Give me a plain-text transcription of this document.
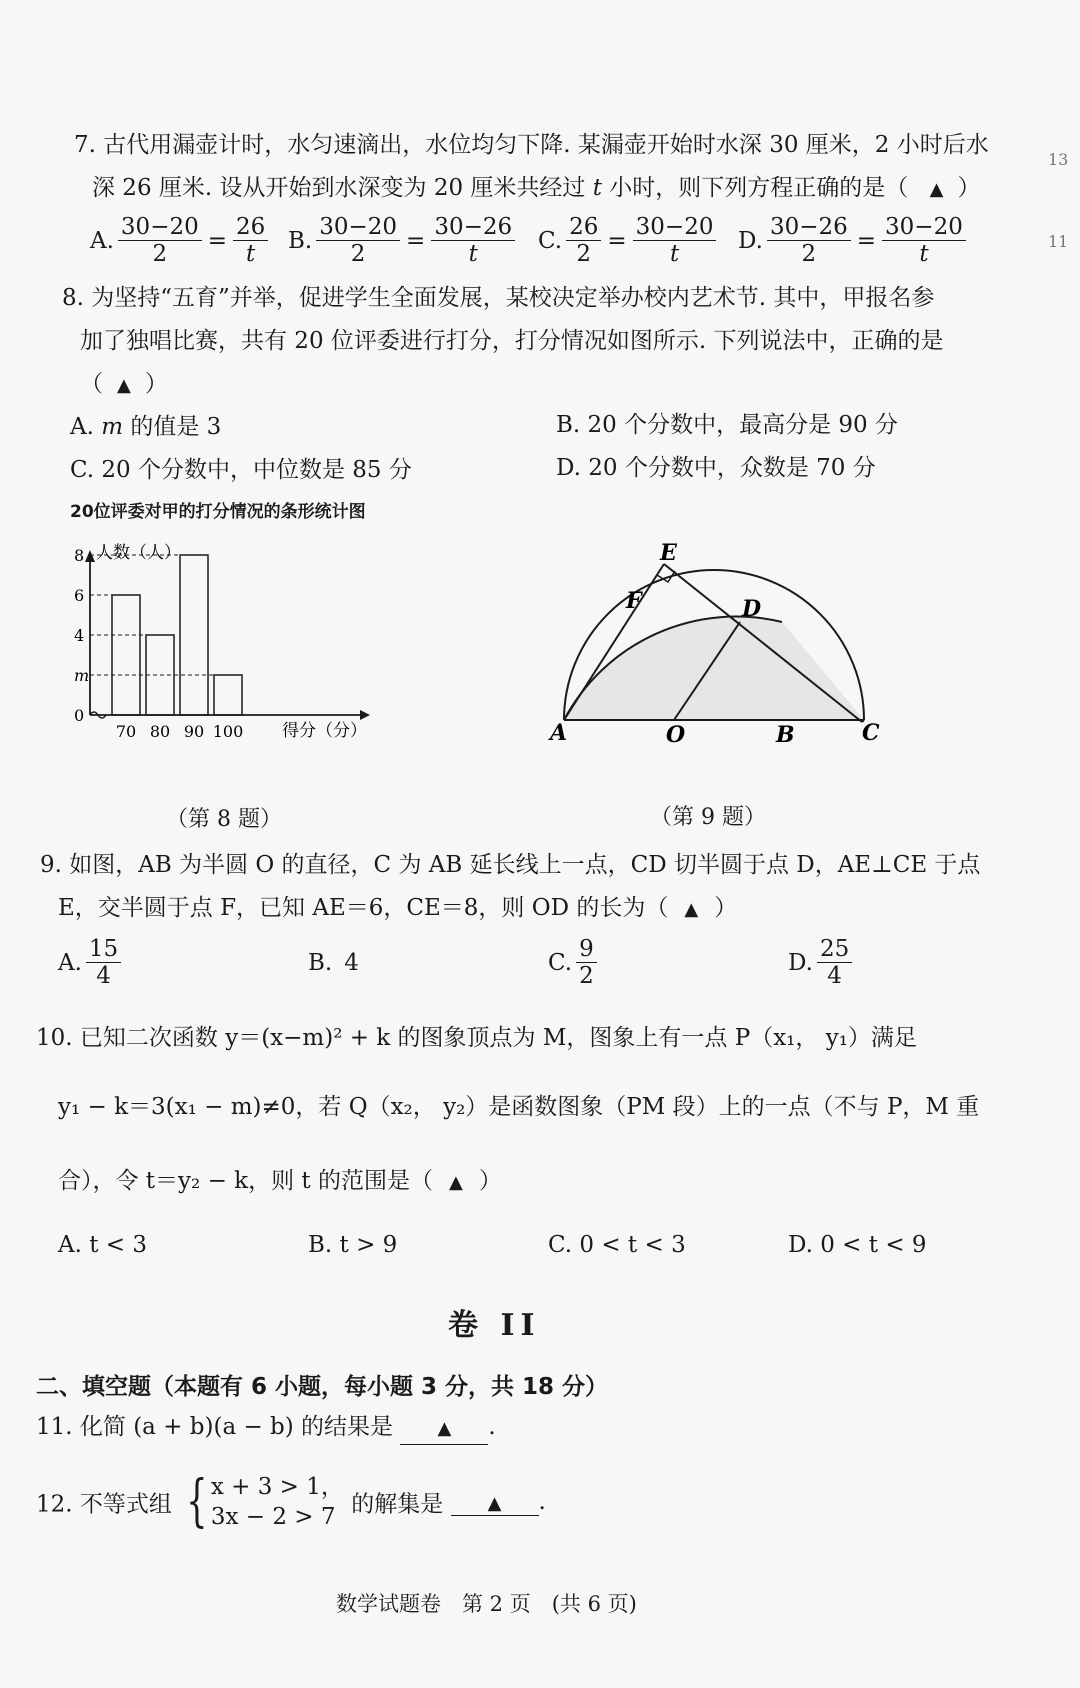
13
11
7. 古代用漏壶计时，水匀速滴出，水位均匀下降. 某漏壶开始时水深 30 厘米，2 小时后水
深 26 厘米. 设从开始到水深变为 20 厘米共经过 t 小时，则下列方程正确的是（ ▲ ）
A. $\frac{30-20}{2} = \frac{26}{t} B$. $\frac{30-20}{2} = \frac{30-26}{t} C$. $\frac{26}{2} = \frac{30-20}{t} D$. $\frac{30-26}{2} = \frac{30-20}{t}$
8. 为坚持“五育”并举，促进学生全面发展，某校决定举办校内艺术节. 其中，甲报名参
加了独唱比赛，共有 20 位评委进行打分，打分情况如图所示. 下列说法中，正确的是
（ ▲ ）
A. m 的值是 3	B. 20 个分数中，最高分是 90 分
C. 20 个分数中，中位数是 85 分	D. 20 个分数中，众数是 70 分
20位评委对甲的打分情况的条形统计图
人数（人）
得分（分）
0
m
4
6
8
70 80 90 100
（第 8 题）
A	O	B	C
D
E
F
（第 9 题）
9. 如图，AB 为半圆 O 的直径，C 为 AB 延长线上一点，CD 切半圆于点 D，AE⊥CE 于点
E，交半圆于点 F，已知 AE＝6，CE＝8，则 OD 的长为（ ▲ ）
A. $\frac{15}{4}$	B. 4	C. $\frac{9}{2}$	D. $\frac{25}{4}$
10. 已知二次函数 y＝(x−m)² + k 的图象顶点为 M，图象上有一点 P（x₁， y₁）满足
y₁ − k＝3(x₁ − m)≠0，若 Q（x₂， y₂）是函数图象（PM 段）上的一点（不与 P，M 重
合），令 t＝y₂ − k，则 t 的范围是（ ▲ ）
A. t < 3	B. t > 9	C. 0 < t < 3	D. 0 < t < 9
卷 II
二、填空题（本题有 6 小题，每小题 3 分，共 18 分）
11. 化简 (a + b)(a − b) 的结果是 ▲ .
12. 不等式组 { x + 3 > 1，
3x − 2 > 7 的解集是 ▲ .
数学试题卷　第 2 页　(共 6 页)
